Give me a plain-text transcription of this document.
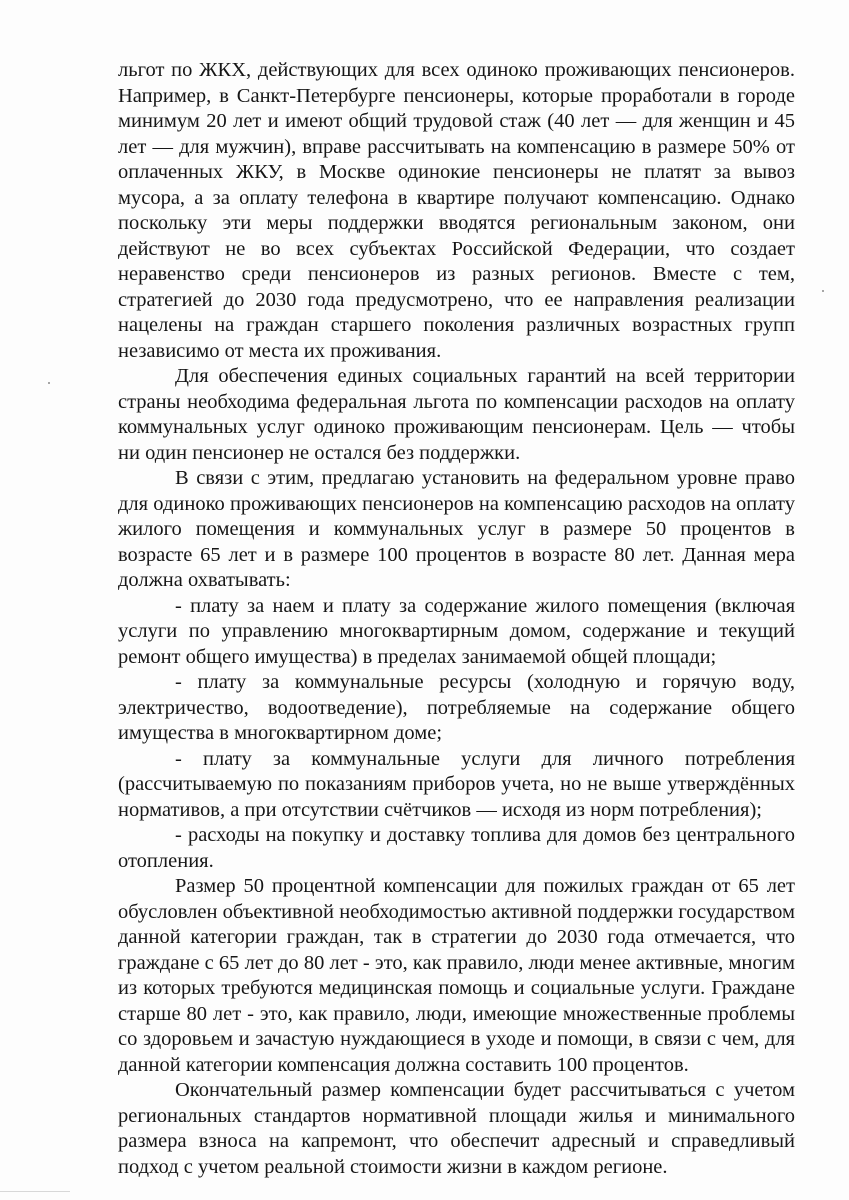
льгот по ЖКХ, действующих для всех одиноко проживающих пенсионеров. Например, в Санкт-Петербурге пенсионеры, которые проработали в городе минимум 20 лет и имеют общий трудовой стаж (40 лет — для женщин и 45 лет — для мужчин), вправе рассчитывать на компенсацию в размере 50% от оплаченных ЖКУ, в Москве одинокие пенсионеры не платят за вывоз мусора, а за оплату телефона в квартире получают компенсацию. Однако поскольку эти меры поддержки вводятся региональным законом, они действуют не во всех субъектах Российской Федерации, что создает неравенство среди пенсионеров из разных регионов. Вместе с тем, стратегией до 2030 года предусмотрено, что ее направления реализации нацелены на граждан старшего поколения различных возрастных групп независимо от места их проживания.

Для обеспечения единых социальных гарантий на всей территории страны необходима федеральная льгота по компенсации расходов на оплату коммунальных услуг одиноко проживающим пенсионерам. Цель — чтобы ни один пенсионер не остался без поддержки.

В связи с этим, предлагаю установить на федеральном уровне право для одиноко проживающих пенсионеров на компенсацию расходов на оплату жилого помещения и коммунальных услуг в размере 50 процентов в возрасте 65 лет и в размере 100 процентов в возрасте 80 лет. Данная мера должна охватывать:

- плату за наем и плату за содержание жилого помещения (включая услуги по управлению многоквартирным домом, содержание и текущий ремонт общего имущества) в пределах занимаемой общей площади;

- плату за коммунальные ресурсы (холодную и горячую воду, электричество, водоотведение), потребляемые на содержание общего имущества в многоквартирном доме;

- плату за коммунальные услуги для личного потребления (рассчитываемую по показаниям приборов учета, но не выше утверждённых нормативов, а при отсутствии счётчиков — исходя из норм потребления);

- расходы на покупку и доставку топлива для домов без центрального отопления.

Размер 50 процентной компенсации для пожилых граждан от 65 лет обусловлен объективной необходимостью активной поддержки государством данной категории граждан, так в стратегии до 2030 года отмечается, что граждане с 65 лет до 80 лет - это, как правило, люди менее активные, многим из которых требуются медицинская помощь и социальные услуги. Граждане старше 80 лет - это, как правило, люди, имеющие множественные проблемы со здоровьем и зачастую нуждающиеся в уходе и помощи, в связи с чем, для данной категории компенсация должна составить 100 процентов.

Окончательный размер компенсации будет рассчитываться с учетом региональных стандартов нормативной площади жилья и минимального размера взноса на капремонт, что обеспечит адресный и справедливый подход с учетом реальной стоимости жизни в каждом регионе.
